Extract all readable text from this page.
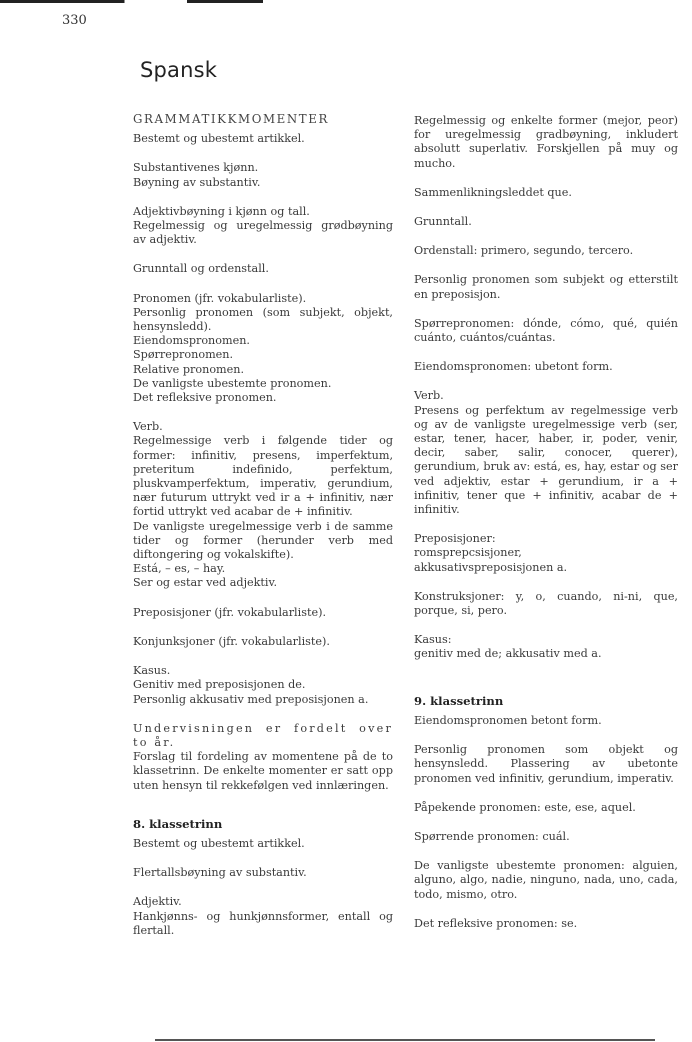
330
Spansk
GRAMMATIKKMOMENTER
Bestemt og ubestemt artikkel.
Substantivenes kjønn.
Bøyning av substantiv.
Adjektivbøyning i kjønn og tall.
Regelmessig og uregelmessig grødbøyning av adjektiv.
Grunntall og ordenstall.
Pronomen (jfr. vokabularliste).
Personlig pronomen (som subjekt, objekt, hensynsledd).
Eiendomspronomen.
Spørrepronomen.
Relative pronomen.
De vanligste ubestemte pronomen.
Det refleksive pronomen.
Verb.
Regelmessige verb i følgende tider og former: infinitiv, presens, imperfektum, preteritum indefinido, perfektum, pluskvamperfektum, imperativ, gerundium, nær futurum uttrykt ved ir a + infinitiv, nær fortid uttrykt ved acabar de + infinitiv.
De vanligste uregelmessige verb i de samme tider og former (herunder verb med diftongering og vokalskifte).
Está, – es, – hay.
Ser og estar ved adjektiv.
Preposisjoner (jfr. vokabularliste).
Konjunksjoner (jfr. vokabularliste).
Kasus.
Genitiv med preposisjonen de.
Personlig akkusativ med preposisjonen a.
Undervisningen er fordelt over to år.
Forslag til fordeling av momentene på de to klassetrinn. De enkelte momenter er satt opp uten hensyn til rekkefølgen ved innlæringen.
8. klassetrinn
Bestemt og ubestemt artikkel.
Flertallsbøyning av substantiv.
Adjektiv.
Hankjønns- og hunkjønnsformer, entall og flertall.
Regelmessig og enkelte former (mejor, peor) for uregelmessig gradbøyning, inkludert absolutt superlativ. Forskjellen på muy og mucho.
Sammenlikningsleddet que.
Grunntall.
Ordenstall: primero, segundo, tercero.
Personlig pronomen som subjekt og etterstilt en preposisjon.
Spørrepronomen: dónde, cómo, qué, quién cuánto, cuántos/cuántas.
Eiendomspronomen: ubetont form.
Verb.
Presens og perfektum av regelmessige verb og av de vanligste uregelmessige verb (ser, estar, tener, hacer, haber, ir, poder, venir, decir, saber, salir, conocer, querer), gerundium, bruk av: está, es, hay, estar og ser ved adjektiv, estar + gerundium, ir a + infinitiv, tener que + infinitiv, acabar de + infinitiv.
Preposisjoner:
romsprepcsisjoner,
akkusativspreposisjonen a.
Konstruksjoner: y, o, cuando, ni-ni, que, porque, si, pero.
Kasus:
genitiv med de; akkusativ med a.
9. klassetrinn
Eiendomspronomen betont form.
Personlig pronomen som objekt og hensynsledd. Plassering av ubetonte pronomen ved infinitiv, gerundium, imperativ.
Påpekende pronomen: este, ese, aquel.
Spørrende pronomen: cuál.
De vanligste ubestemte pronomen: alguien, alguno, algo, nadie, ninguno, nada, uno, cada, todo, mismo, otro.
Det refleksive pronomen: se.
